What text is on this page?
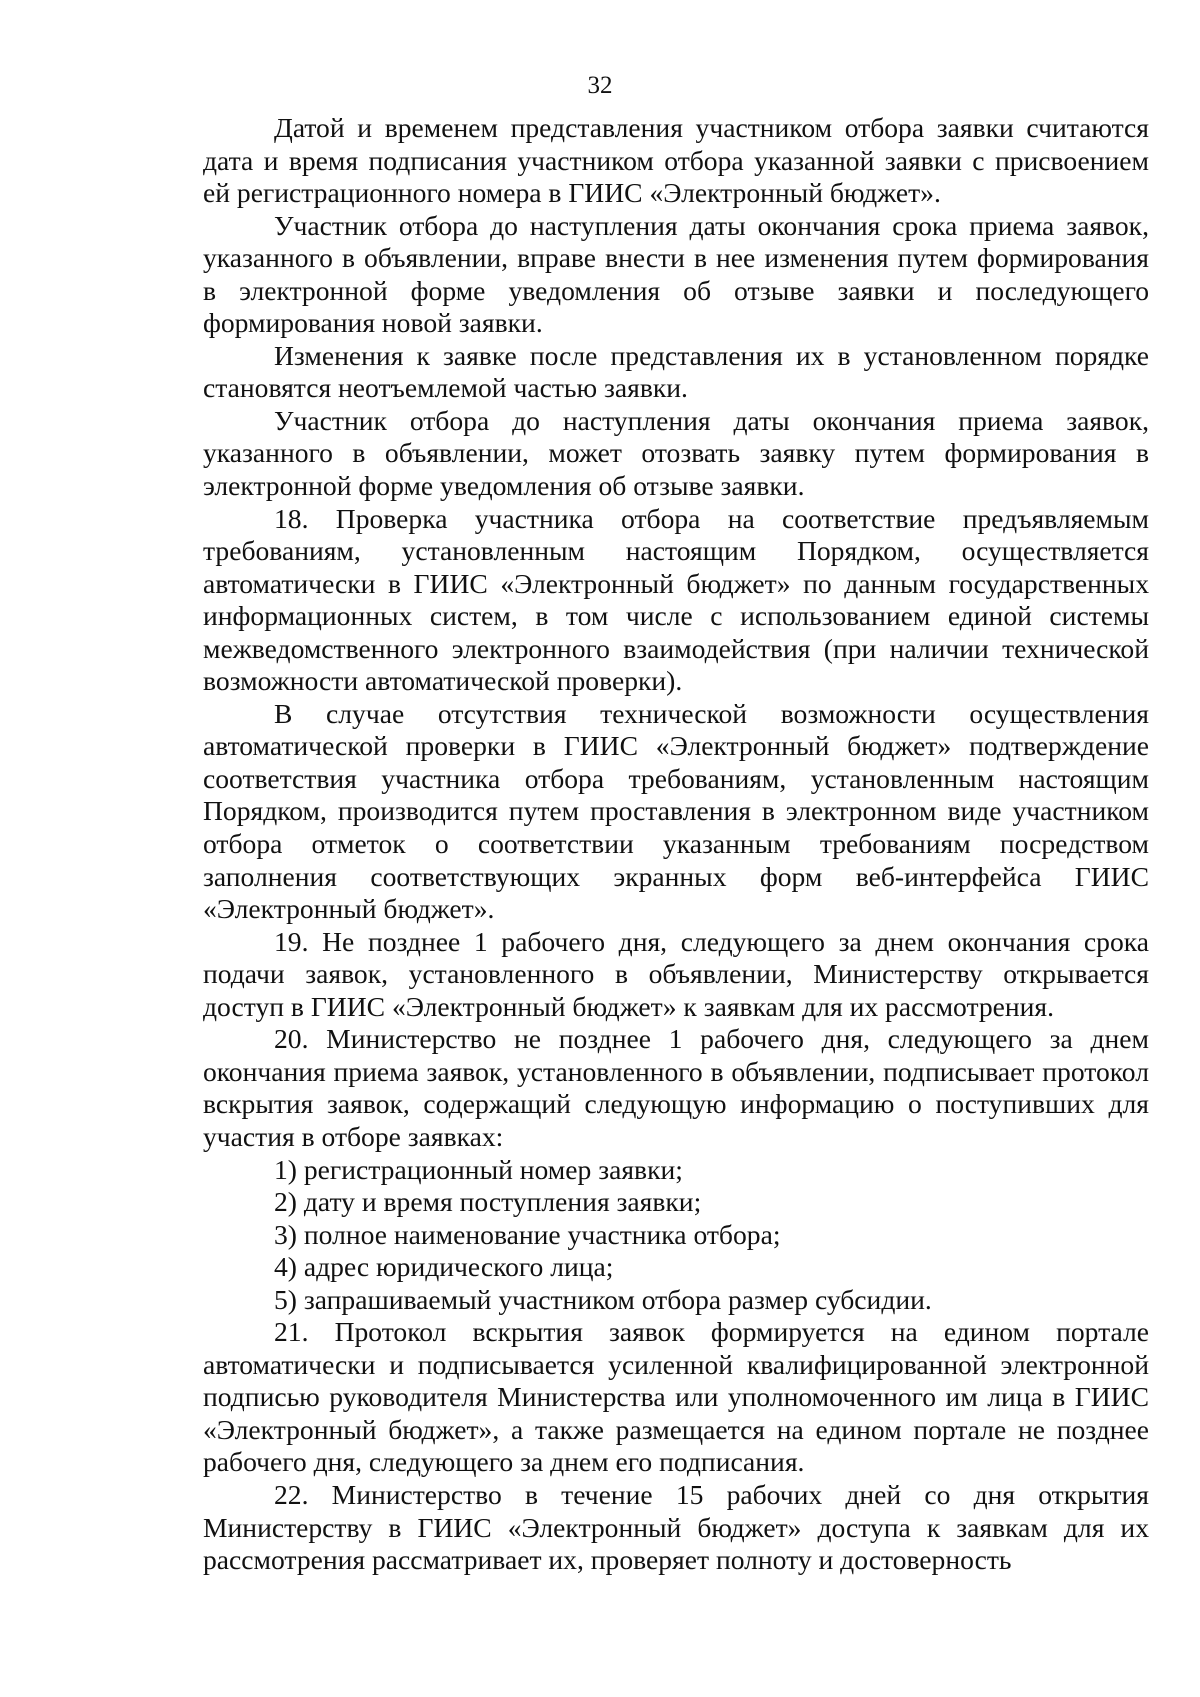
32

Датой и временем представления участником отбора заявки считаются дата и время подписания участником отбора указанной заявки с присвоением ей регистрационного номера в ГИИС «Электронный бюджет».

Участник отбора до наступления даты окончания срока приема заявок, указанного в объявлении, вправе внести в нее изменения путем формирования в электронной форме уведомления об отзыве заявки и последующего формирования новой заявки.

Изменения к заявке после представления их в установленном порядке становятся неотъемлемой частью заявки.

Участник отбора до наступления даты окончания приема заявок, указанного в объявлении, может отозвать заявку путем формирования в электронной форме уведомления об отзыве заявки.

18. Проверка участника отбора на соответствие предъявляемым требованиям, установленным настоящим Порядком, осуществляется автоматически в ГИИС «Электронный бюджет» по данным государственных информационных систем, в том числе с использованием единой системы межведомственного электронного взаимодействия (при наличии технической возможности автоматической проверки).

В случае отсутствия технической возможности осуществления автоматической проверки в ГИИС «Электронный бюджет» подтверждение соответствия участника отбора требованиям, установленным настоящим Порядком, производится путем проставления в электронном виде участником отбора отметок о соответствии указанным требованиям посредством заполнения соответствующих экранных форм веб-интерфейса ГИИС «Электронный бюджет».

19. Не позднее 1 рабочего дня, следующего за днем окончания срока подачи заявок, установленного в объявлении, Министерству открывается доступ в ГИИС «Электронный бюджет» к заявкам для их рассмотрения.

20. Министерство не позднее 1 рабочего дня, следующего за днем окончания приема заявок, установленного в объявлении, подписывает протокол вскрытия заявок, содержащий следующую информацию о поступивших для участия в отборе заявках:

1) регистрационный номер заявки;

2) дату и время поступления заявки;

3) полное наименование участника отбора;

4) адрес юридического лица;

5) запрашиваемый участником отбора размер субсидии.

21. Протокол вскрытия заявок формируется на едином портале автоматически и подписывается усиленной квалифицированной электронной подписью руководителя Министерства или уполномоченного им лица в ГИИС «Электронный бюджет», а также размещается на едином портале не позднее рабочего дня, следующего за днем его подписания.

22. Министерство в течение 15 рабочих дней со дня открытия Министерству в ГИИС «Электронный бюджет» доступа к заявкам для их рассмотрения рассматривает их, проверяет полноту и достоверность
